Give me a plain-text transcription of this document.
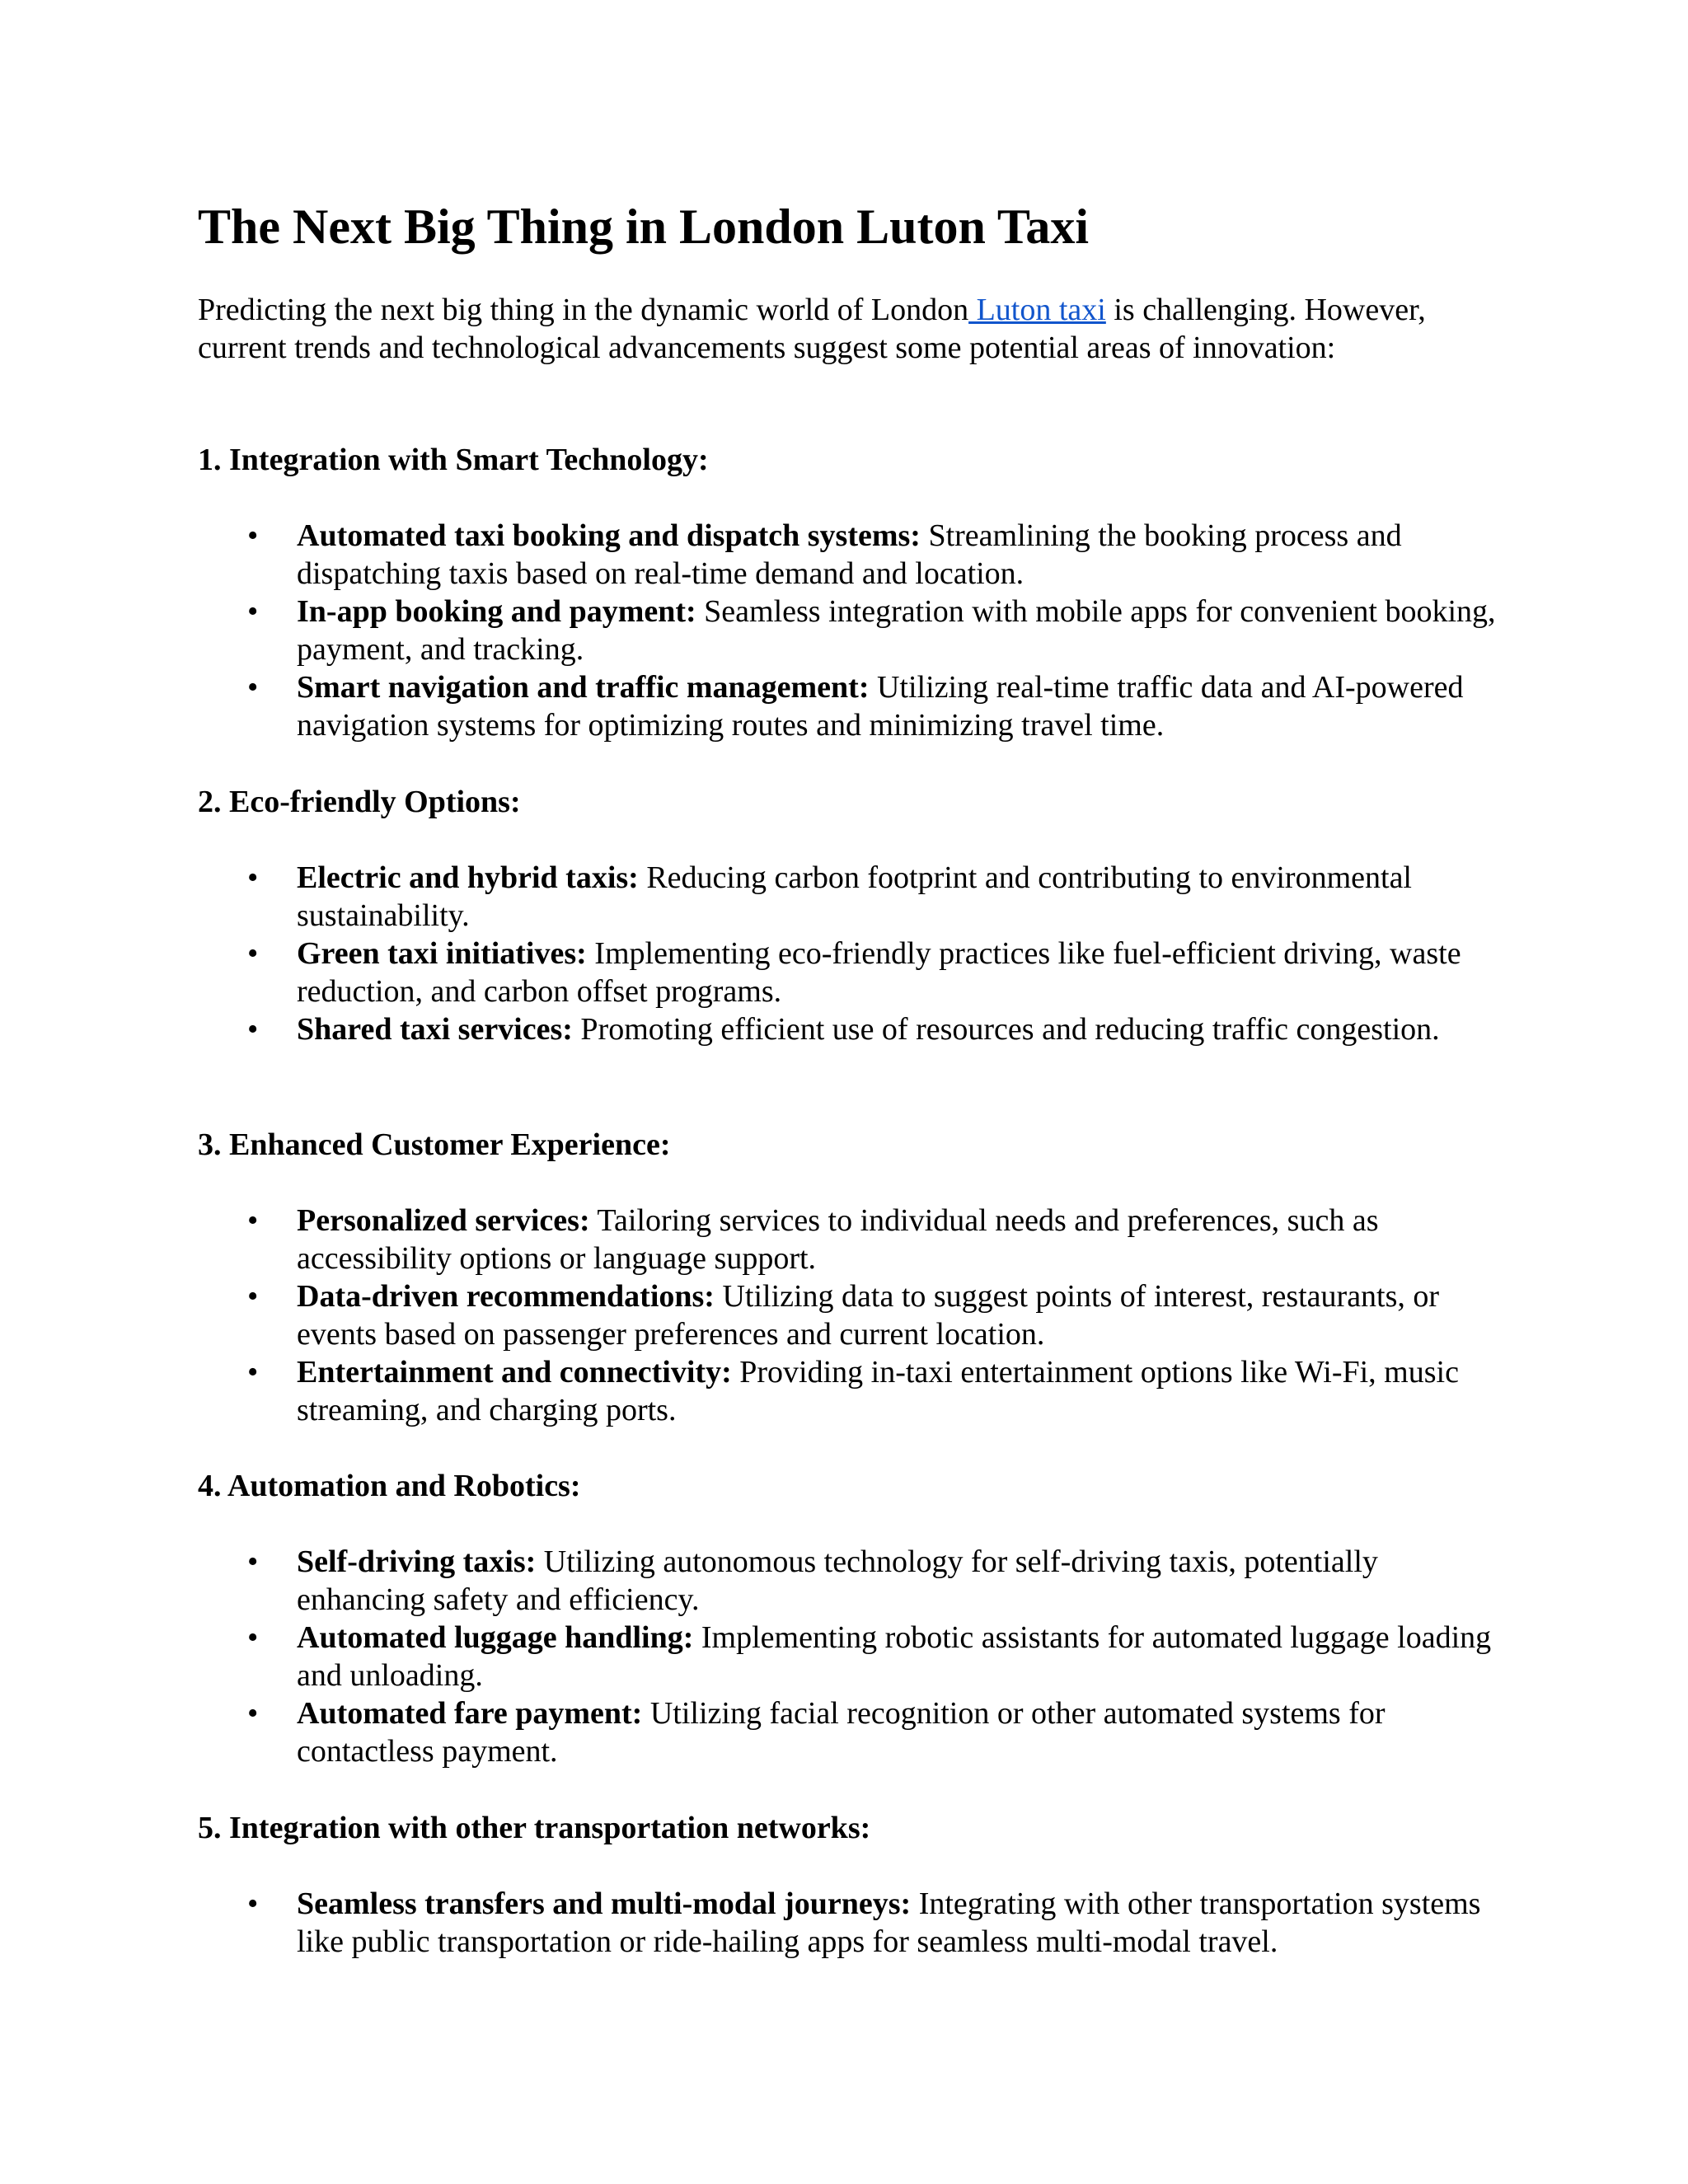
The Next Big Thing in London Luton Taxi

Predicting the next big thing in the dynamic world of London Luton taxi is challenging. However, current trends and technological advancements suggest some potential areas of innovation:

1. Integration with Smart Technology:
• Automated taxi booking and dispatch systems: Streamlining the booking process and dispatching taxis based on real-time demand and location.
• In-app booking and payment: Seamless integration with mobile apps for convenient booking, payment, and tracking.
• Smart navigation and traffic management: Utilizing real-time traffic data and AI-powered navigation systems for optimizing routes and minimizing travel time.
2. Eco-friendly Options:
• Electric and hybrid taxis: Reducing carbon footprint and contributing to environmental sustainability.
• Green taxi initiatives: Implementing eco-friendly practices like fuel-efficient driving, waste reduction, and carbon offset programs.
• Shared taxi services: Promoting efficient use of resources and reducing traffic congestion.
3. Enhanced Customer Experience:
• Personalized services: Tailoring services to individual needs and preferences, such as accessibility options or language support.
• Data-driven recommendations: Utilizing data to suggest points of interest, restaurants, or events based on passenger preferences and current location.
• Entertainment and connectivity: Providing in-taxi entertainment options like Wi-Fi, music streaming, and charging ports.
4. Automation and Robotics:
• Self-driving taxis: Utilizing autonomous technology for self-driving taxis, potentially enhancing safety and efficiency.
• Automated luggage handling: Implementing robotic assistants for automated luggage loading and unloading.
• Automated fare payment: Utilizing facial recognition or other automated systems for contactless payment.
5. Integration with other transportation networks:
• Seamless transfers and multi-modal journeys: Integrating with other transportation systems like public transportation or ride-hailing apps for seamless multi-modal travel.
